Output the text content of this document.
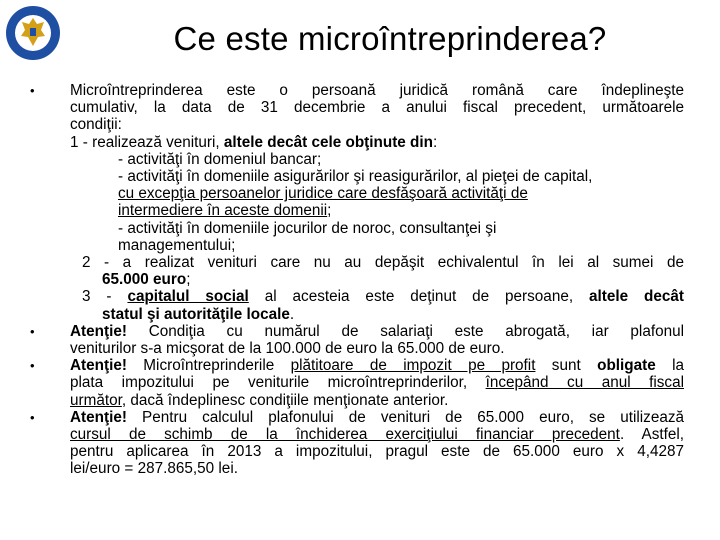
Ce este microîntreprinderea?
•	Microîntreprinderea este o persoană juridică română care îndeplineşte
cumulativ, la data de 31 decembrie a anului fiscal precedent, următoarele
condiţii:
1 - realizează venituri, altele decât cele obţinute din:
- activităţi în domeniul bancar;
- activităţi în domeniile asigurărilor şi reasigurărilor, al pieţei de capital,
cu excepţia persoanelor juridice care desfăşoară activităţi de
intermediere în aceste domenii;
- activităţi în domeniile jocurilor de noroc, consultanţei şi
managementului;
2 - a realizat venituri care nu au depăşit echivalentul în lei al sumei de
65.000 euro;
3 - capitalul social al acesteia este deţinut de persoane, altele decât
statul şi autorităţile locale.
•	Atenţie! Condiţia cu numărul de salariaţi este abrogată, iar plafonul
veniturilor s-a micşorat de la 100.000 de euro la 65.000 de euro.
•	Atenţie! Microîntreprinderile plătitoare de impozit pe profit sunt obligate la
plata impozitului pe veniturile microîntreprinderilor, începând cu anul fiscal
următor, dacă îndeplinesc condiţiile menţionate anterior.
•	Atenţie! Pentru calculul plafonului de venituri de 65.000 euro, se utilizează
cursul de schimb de la închiderea exerciţiului financiar precedent. Astfel,
pentru aplicarea în 2013 a impozitului, pragul este de 65.000 euro x 4,4287
lei/euro = 287.865,50 lei.
